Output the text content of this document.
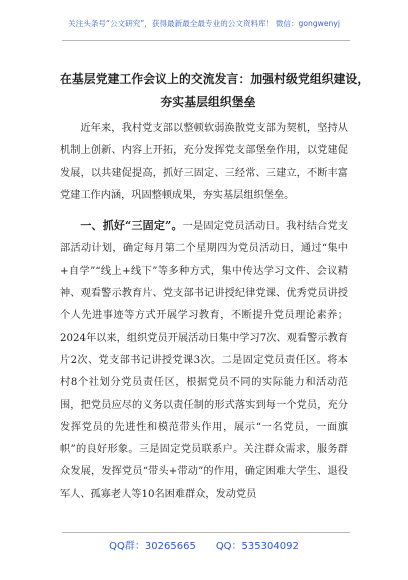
关注头条号“公文研究”，获得最新最全最专业的公文资料库！ 微信：gongwenyj
在基层党建工作会议上的交流发言：加强村级党组织建设，
夯实基层组织堡垒

近年来，我村党支部以整顿软弱涣散党支部为契机，坚持从机制上创新、内容上开拓，充分发挥党支部堡垒作用，以党建促发展，以共建促提高，抓好三固定、三经常、三建立，不断丰富党建工作内涵，巩固整顿成果，夯实基层组织堡垒。

一、抓好“三固定”。一是固定党员活动日。我村结合党支部活动计划，确定每月第二个星期四为党员活动日，通过“集中+自学”“线上+线下”等多种方式，集中传达学习文件、会议精神、观看警示教育片、党支部书记讲授纪律党课、优秀党员讲授个人先进事迹等方式开展学习教育，不断提升党员理论素养；2024年以来，组织党员开展活动日集中学习7次、观看警示教育片2次、党支部书记讲授党课3次。二是固定党员责任区。将本村8个社划分党员责任区，根据党员不同的实际能力和活动范围，把党员应尽的义务以责任制的形式落实到每一个党员，充分发挥党员的先进性和模范带头作用，展示“一名党员，一面旗帜”的良好形象。三是固定党员联系户。关注群众需求，服务群众发展，发挥党员“带头+带动”的作用，确定困难大学生、退役军人、孤寡老人等10名困难群众，发动党员

QQ群：30265665 QQ：535304092
